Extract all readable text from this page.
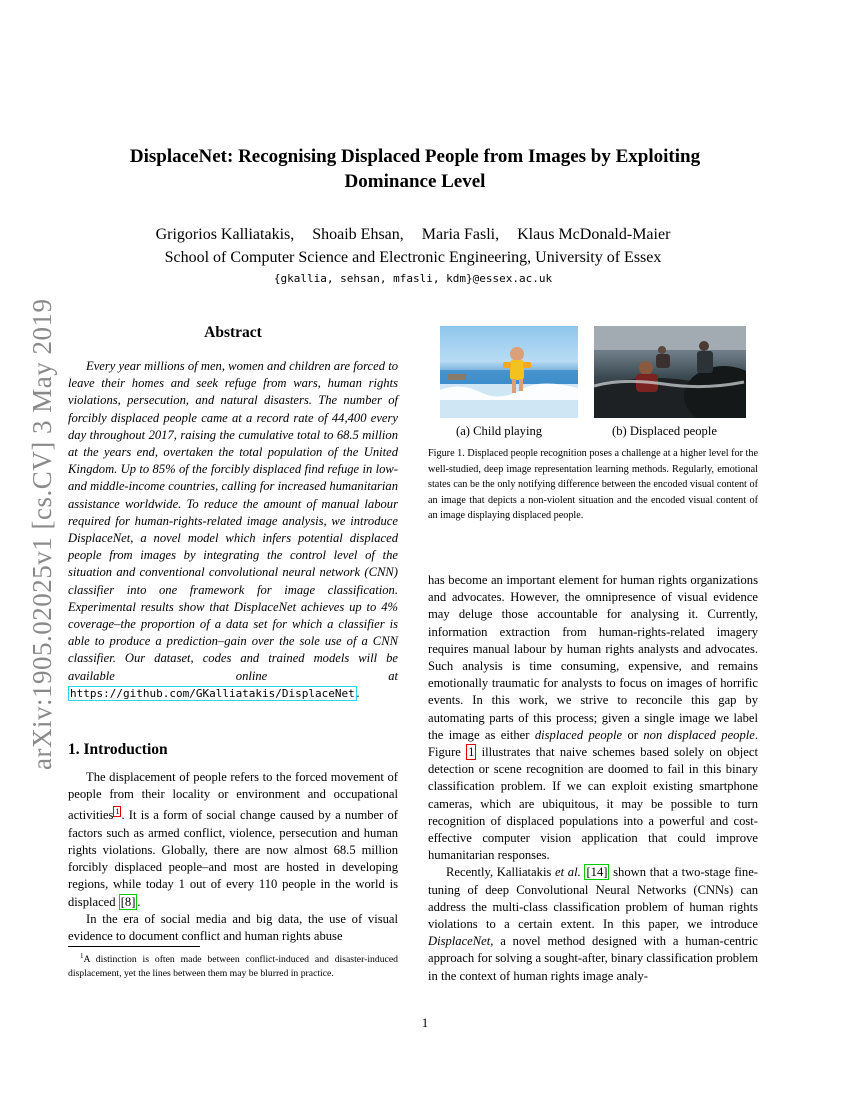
arXiv:1905.02025v1 [cs.CV] 3 May 2019
DisplaceNet: Recognising Displaced People from Images by Exploiting Dominance Level
Grigorios Kalliatakis, Shoaib Ehsan, Maria Fasli, Klaus McDonald-Maier
School of Computer Science and Electronic Engineering, University of Essex
{gkallia, sehsan, mfasli, kdm}@essex.ac.uk
Abstract

Every year millions of men, women and children are forced to leave their homes and seek refuge from wars, human rights violations, persecution, and natural disasters. The number of forcibly displaced people came at a record rate of 44,400 every day throughout 2017, raising the cumulative total to 68.5 million at the years end, overtaken the total population of the United Kingdom. Up to 85% of the forcibly displaced find refuge in low- and middle-income countries, calling for increased humanitarian assistance worldwide. To reduce the amount of manual labour required for human-rights-related image analysis, we introduce DisplaceNet, a novel model which infers potential displaced people from images by integrating the control level of the situation and conventional convolutional neural network (CNN) classifier into one framework for image classification. Experimental results show that DisplaceNet achieves up to 4% coverage–the proportion of a data set for which a classifier is able to produce a prediction–gain over the sole use of a CNN classifier. Our dataset, codes and trained models will be available online at https://github.com/GKalliatakis/DisplaceNet .

1. Introduction

The displacement of people refers to the forced movement of people from their locality or environment and occupational activities $^1$ . It is a form of social change caused by a number of factors such as armed conflict, violence, persecution and human rights violations. Globally, there are now almost 68.5 million forcibly displaced people–and most are hosted in developing regions, while today 1 out of every 110 people in the world is displaced [8] .

In the era of social media and big data, the use of visual evidence to document conflict and human rights abuse

$^1$A distinction is often made between conflict-induced and disaster-induced displacement, yet the lines between them may be blurred in practice.

(a) Child playing	(b) Displaced people

Figure 1. Displaced people recognition poses a challenge at a higher level for the well-studied, deep image representation learning methods. Regularly, emotional states can be the only notifying difference between the encoded visual content of an image that depicts a non-violent situation and the encoded visual content of an image displaying displaced people.

has become an important element for human rights organizations and advocates. However, the omnipresence of visual evidence may deluge those accountable for analysing it. Currently, information extraction from human-rights-related imagery requires manual labour by human rights analysts and advocates. Such analysis is time consuming, expensive, and remains emotionally traumatic for analysts to focus on images of horrific events. In this work, we strive to reconcile this gap by automating parts of this process; given a single image we label the image as either displaced people or non displaced people. Figure 1 illustrates that naive schemes based solely on object detection or scene recognition are doomed to fail in this binary classification problem. If we can exploit existing smartphone cameras, which are ubiquitous, it may be possible to turn recognition of displaced populations into a powerful and cost-effective computer vision application that could improve humanitarian responses.

Recently, Kalliatakis et al. [14] shown that a two-stage fine-tuning of deep Convolutional Neural Networks (CNNs) can address the multi-class classification problem of human rights violations to a certain extent. In this paper, we introduce DisplaceNet, a novel method designed with a human-centric approach for solving a sought-after, binary classification problem in the context of human rights image analy-

1
